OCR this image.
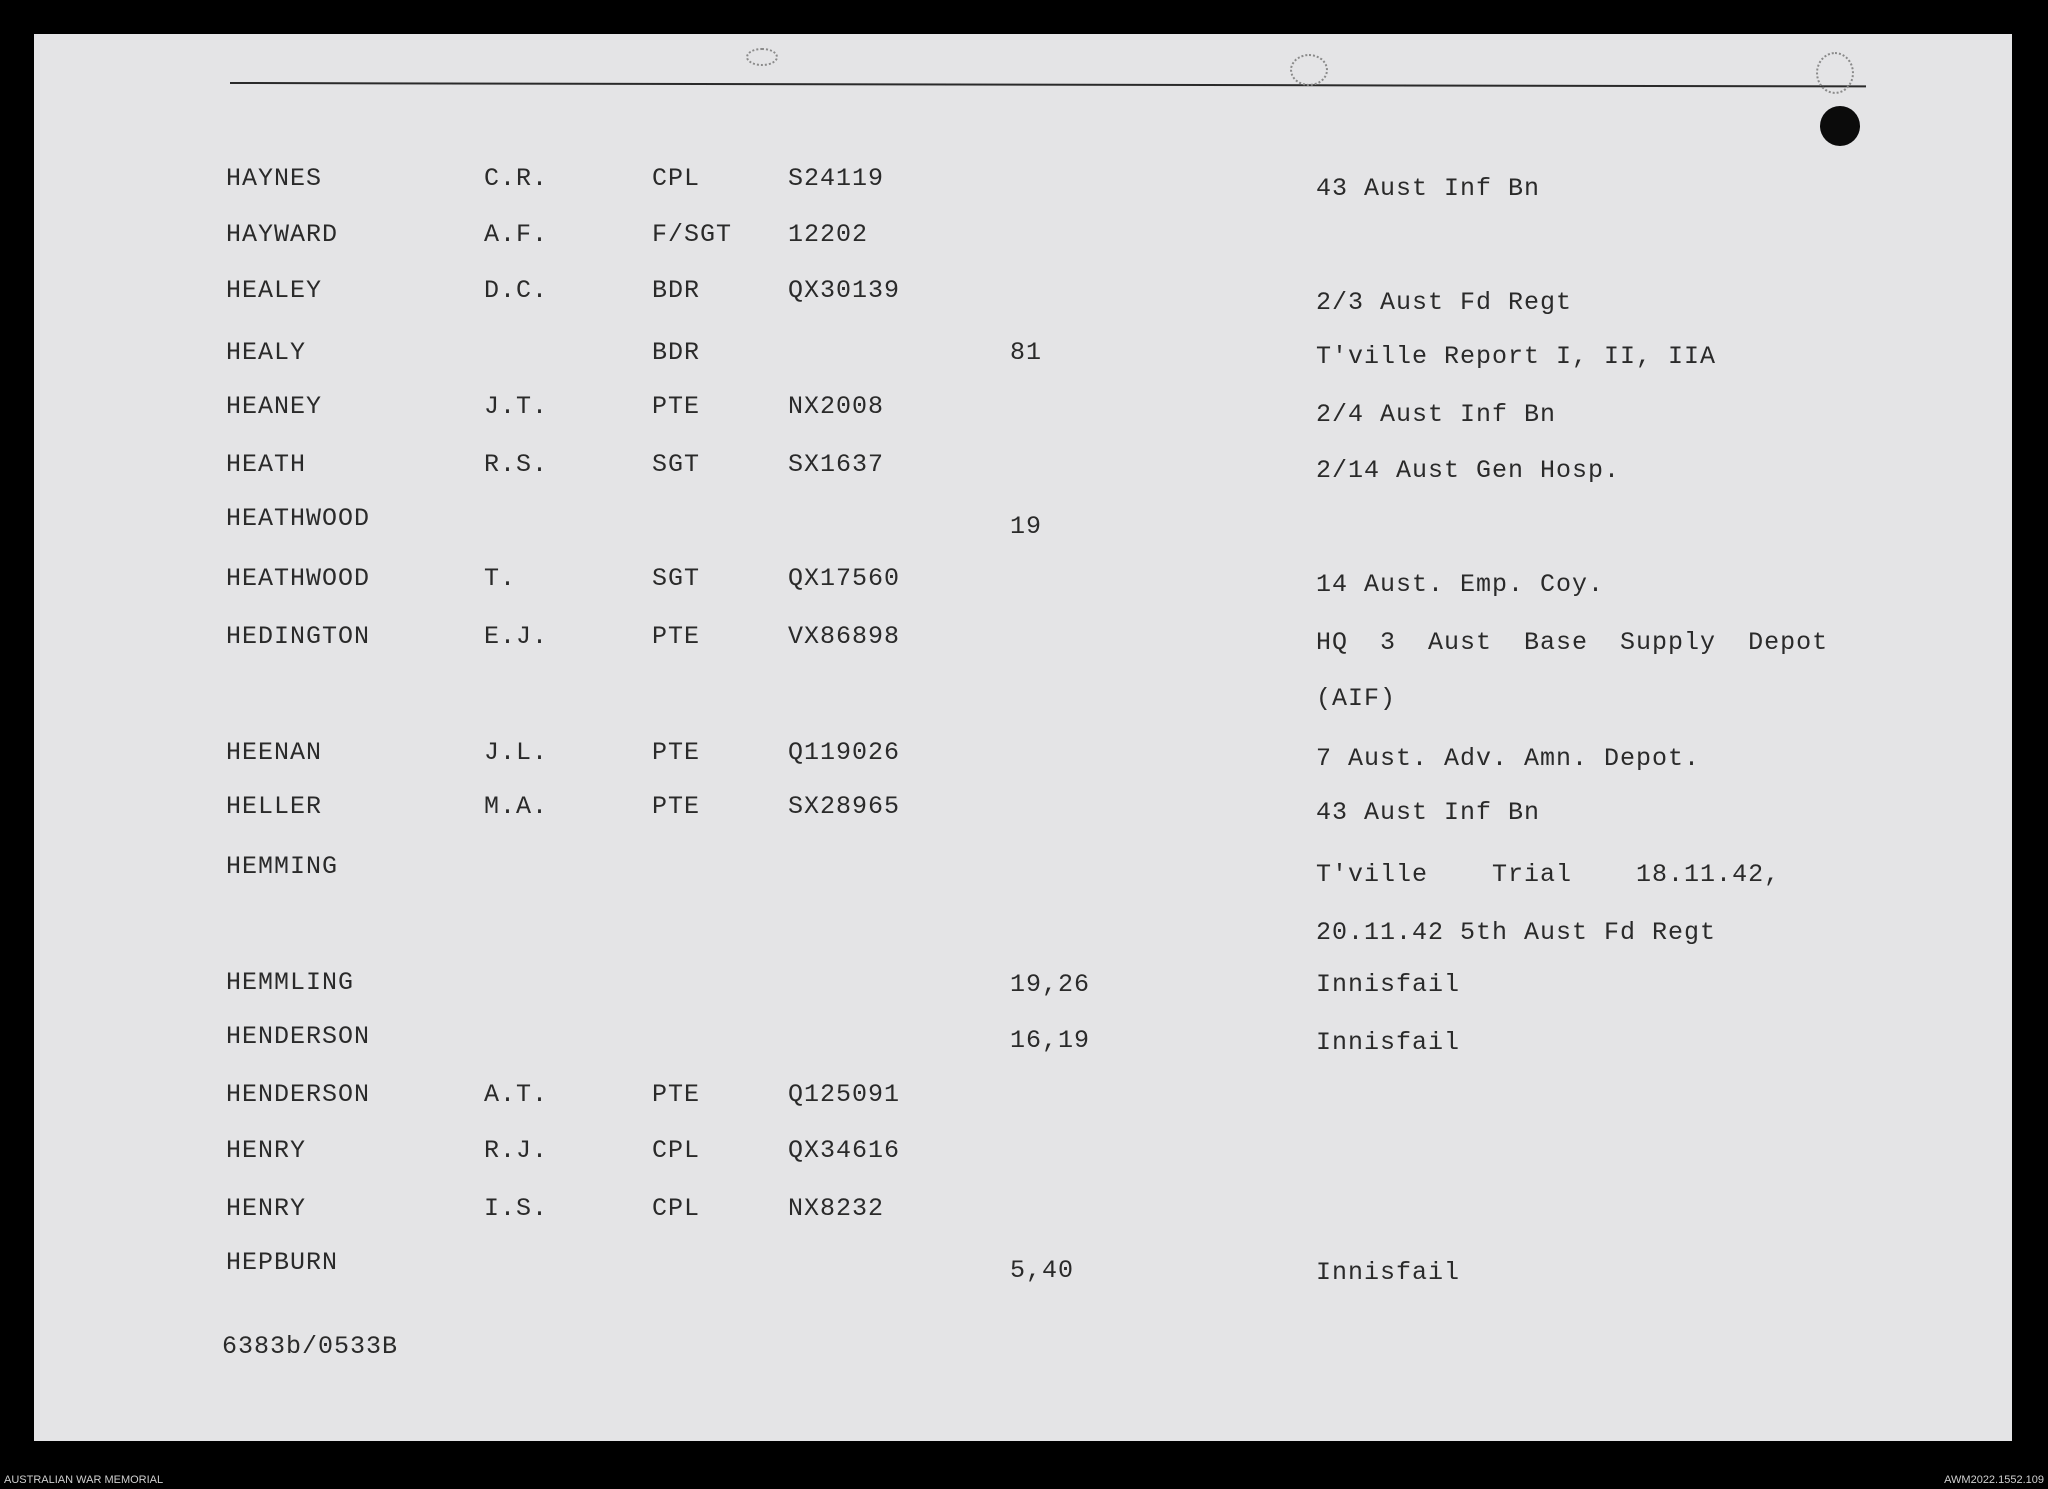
HAYNES	C.R.	CPL	S24119	43 Aust Inf Bn
HAYWARD	A.F.	F/SGT 12202
HEALEY	D.C.	BDR	QX30139	2/3 Aust Fd Regt
HEALY	BDR	81	T'ville Report I, II, IIA
HEANEY	J.T.	PTE	NX2008	2/4 Aust Inf Bn
HEATH	R.S.	SGT	SX1637	2/14 Aust Gen Hosp.
HEATHWOOD	19
HEATHWOOD	T.	SGT	QX17560	14 Aust. Emp. Coy.
HEDINGTON	E.J.	PTE	VX86898	HQ  3  Aust  Base  Supply  Depot
(AIF)
HEENAN	J.L.	PTE	Q119026	7 Aust. Adv. Amn. Depot.
HELLER	M.A.	PTE	SX28965	43 Aust Inf Bn
HEMMING	T'ville    Trial    18.11.42,
20.11.42 5th Aust Fd Regt
HEMMLING	19,26	Innisfail
HENDERSON	16,19	Innisfail
HENDERSON	A.T.	PTE	Q125091
HENRY	R.J.	CPL	QX34616
HENRY	I.S.	CPL	NX8232
HEPBURN	5,40	Innisfail
6383b/0533B
AUSTRALIAN WAR MEMORIAL	AWM2022.1552.109
